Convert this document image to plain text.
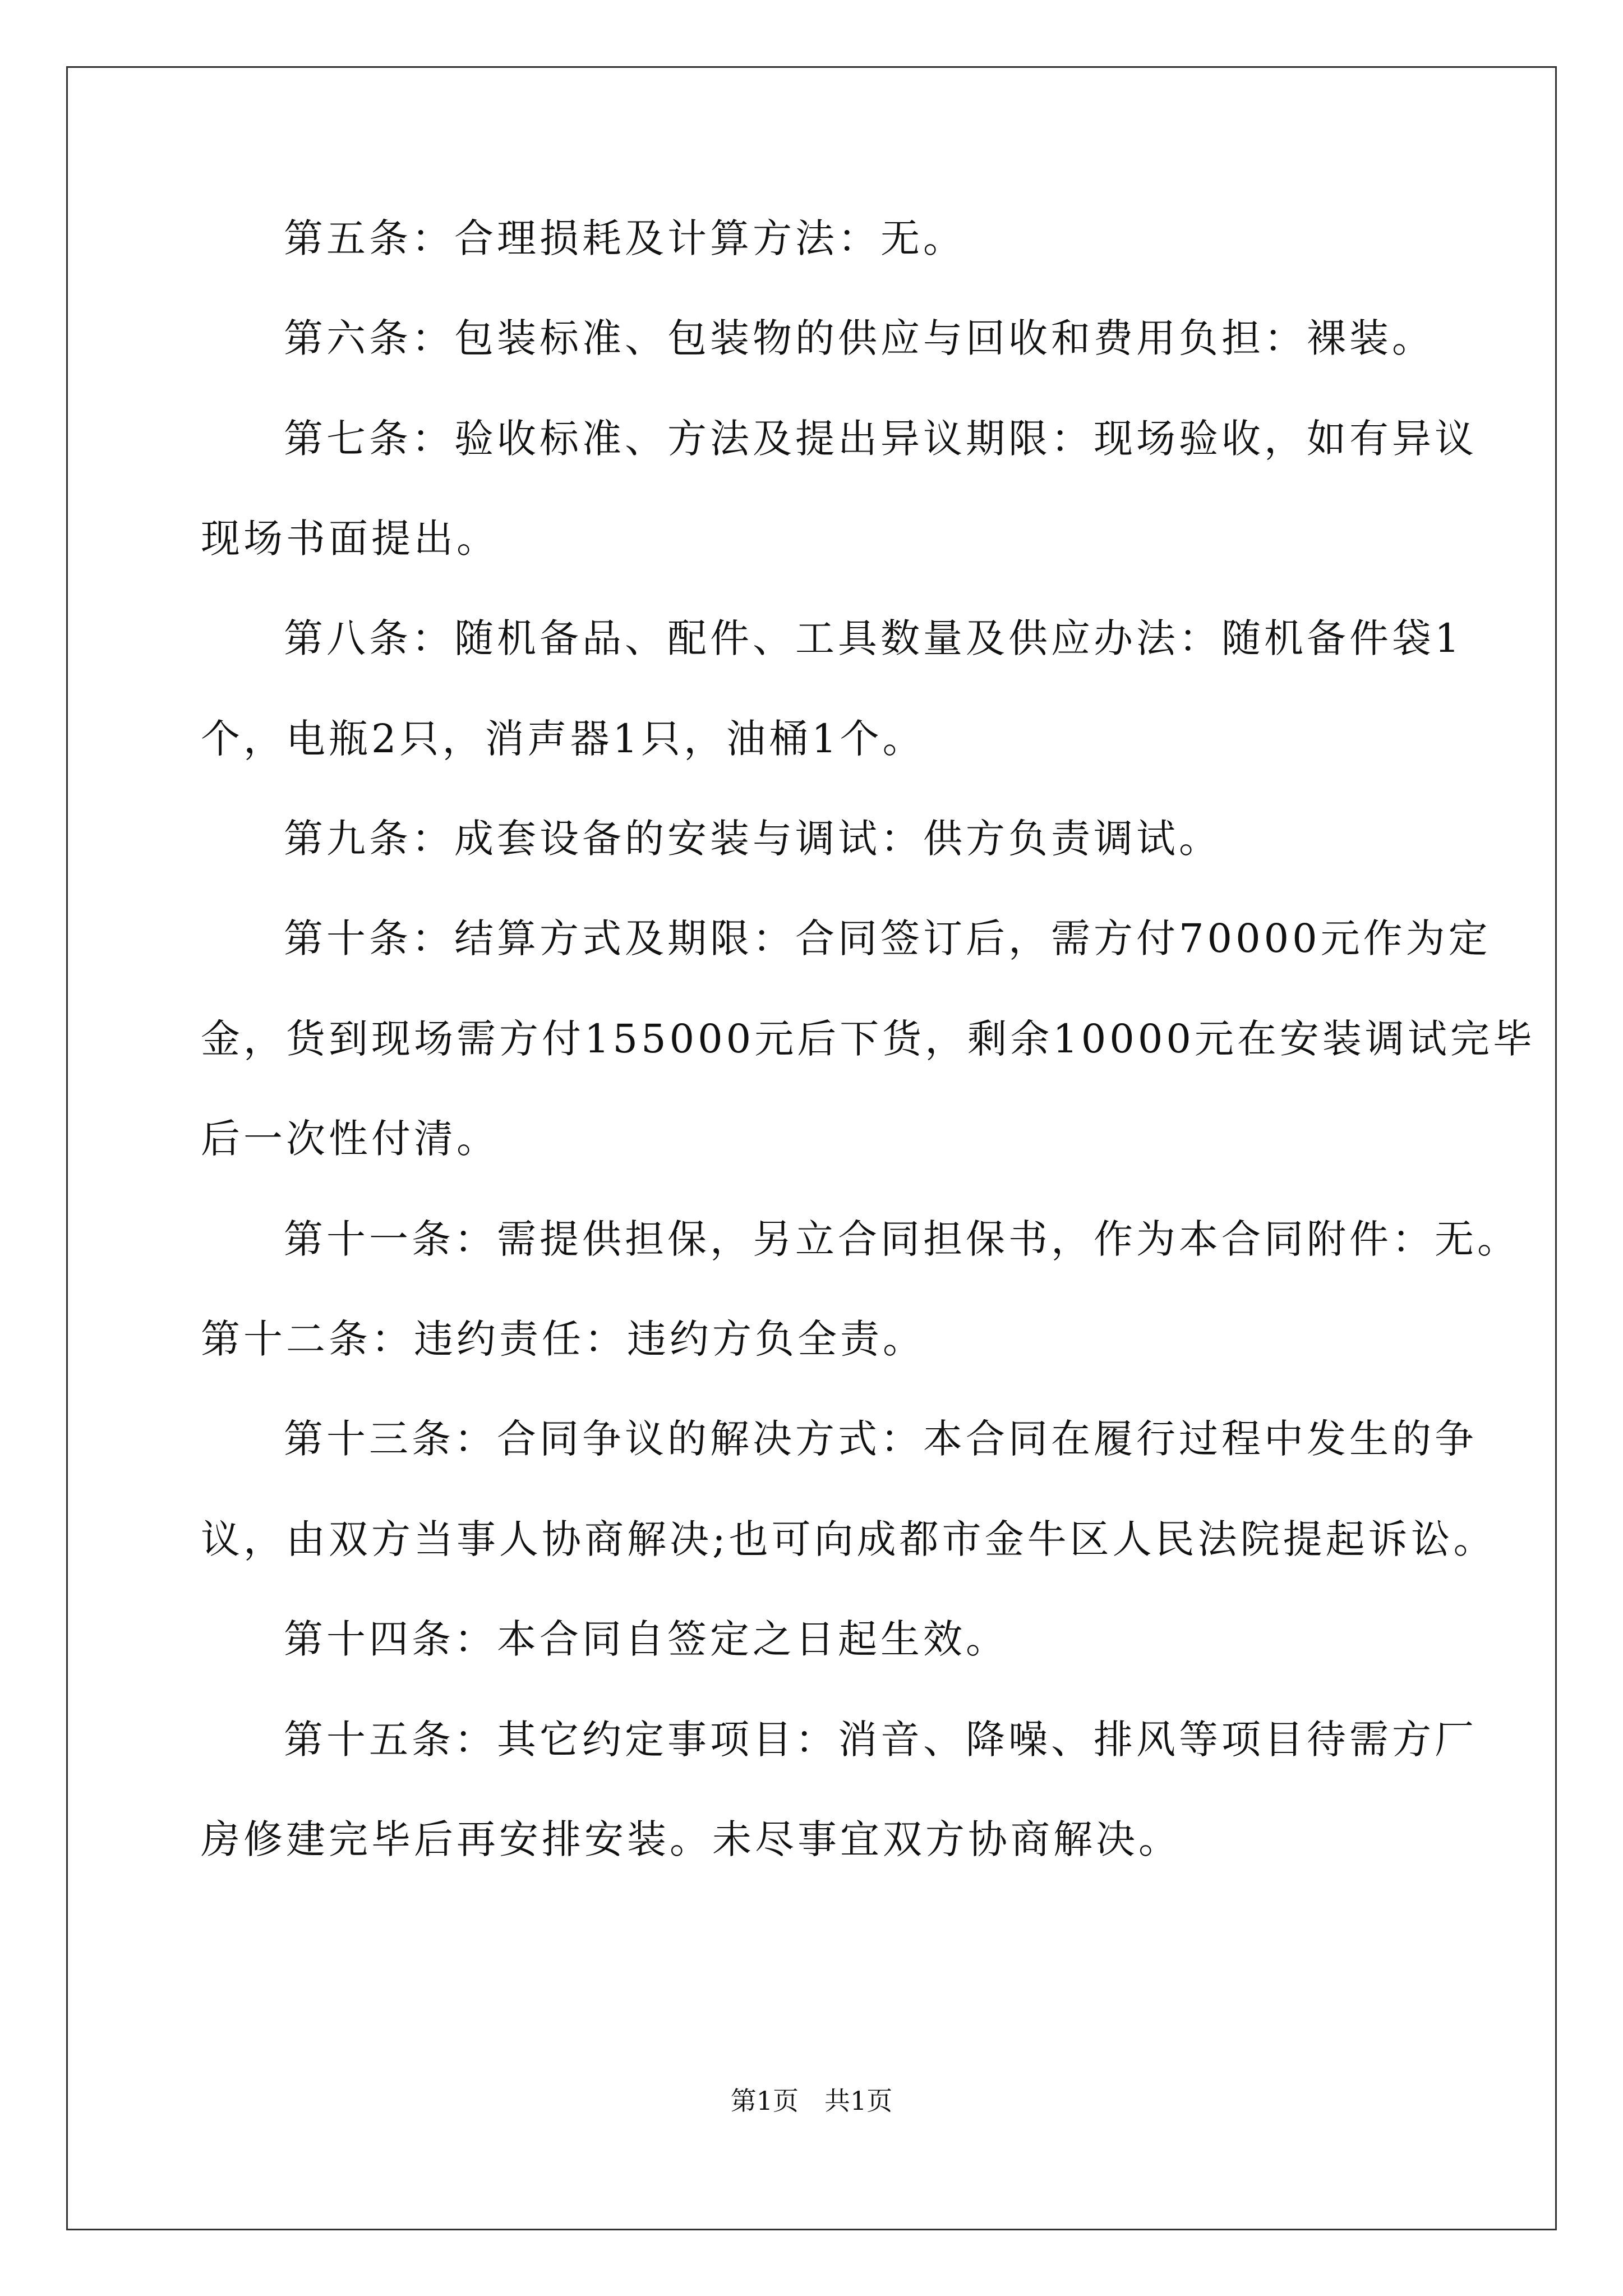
第五条：合理损耗及计算方法：无。
第六条：包装标准、包装物的供应与回收和费用负担：裸装。
第七条：验收标准、方法及提出异议期限：现场验收，如有异议
现场书面提出。
第八条：随机备品、配件、工具数量及供应办法：随机备件袋1
个，电瓶2只，消声器1只，油桶1个。
第九条：成套设备的安装与调试：供方负责调试。
第十条：结算方式及期限：合同签订后，需方付70000元作为定
金，货到现场需方付155000元后下货，剩余10000元在安装调试完毕
后一次性付清。
第十一条：需提供担保，另立合同担保书，作为本合同附件：无。
第十二条：违约责任：违约方负全责。
第十三条：合同争议的解决方式：本合同在履行过程中发生的争
议，由双方当事人协商解决;也可向成都市金牛区人民法院提起诉讼。
第十四条：本合同自签定之日起生效。
第十五条：其它约定事项目：消音、降噪、排风等项目待需方厂
房修建完毕后再安排安装。未尽事宜双方协商解决。
第1页　共1页
